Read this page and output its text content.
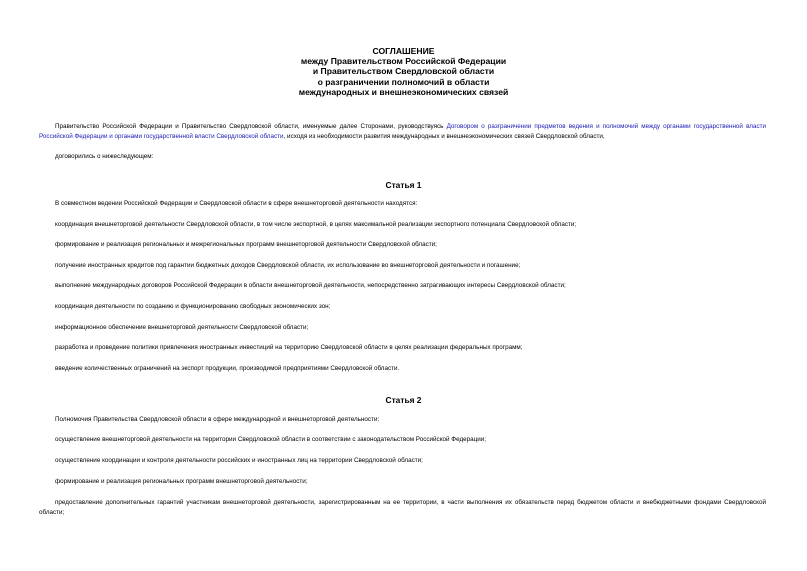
СОГЛАШЕНИЕ
между Правительством Российской Федерации
и Правительством Свердловской области
о разграничении полномочий в области
международных и внешнеэкономических связей
Правительство Российской Федерации и Правительство Свердловской области, именуемые далее Сторонами, руководствуясь Договором о разграничении предметов ведения и полномочий между органами государственной власти Российской Федерации и органами государственной власти Свердловской области, исходя из необходимости развития международных и внешнеэкономических связей Свердловской области,
договорились о нижеследующем:
Статья 1
В совместном ведении Российской Федерации и Свердловской области в сфере внешнеторговой деятельности находятся:
координация внешнеторговой деятельности Свердловской области, в том числе экспортной, в целях максимальной реализации экспортного потенциала Свердловской области;
формирование и реализация региональных и межрегиональных программ внешнеторговой деятельности Свердловской области;
получение иностранных кредитов под гарантии бюджетных доходов Свердловской области, их использование во внешнеторговой деятельности и погашение;
выполнение международных договоров Российской Федерации в области внешнеторговой деятельности, непосредственно затрагивающих интересы Свердловской области;
координация деятельности по созданию и функционированию свободных экономических зон;
информационное обеспечение внешнеторговой деятельности Свердловской области;
разработка и проведение политики привлечения иностранных инвестиций на территорию Свердловской области в целях реализации федеральных программ;
введение количественных ограничений на экспорт продукции, производимой предприятиями Свердловской области.
Статья 2
Полномочия Правительства Свердловской области в сфере международной и внешнеторговой деятельности:
осуществление внешнеторговой деятельности на территории Свердловской области в соответствии с законодательством Российской Федерации;
осуществление координации и контроля деятельности российских и иностранных лиц на территории Свердловской области;
формирование и реализация региональных программ внешнеторговой деятельности;
предоставление дополнительных гарантий участникам внешнеторговой деятельности, зарегистрированным на ее территории, в части выполнения их обязательств перед бюджетом области и внебюджетными фондами Свердловской области;
